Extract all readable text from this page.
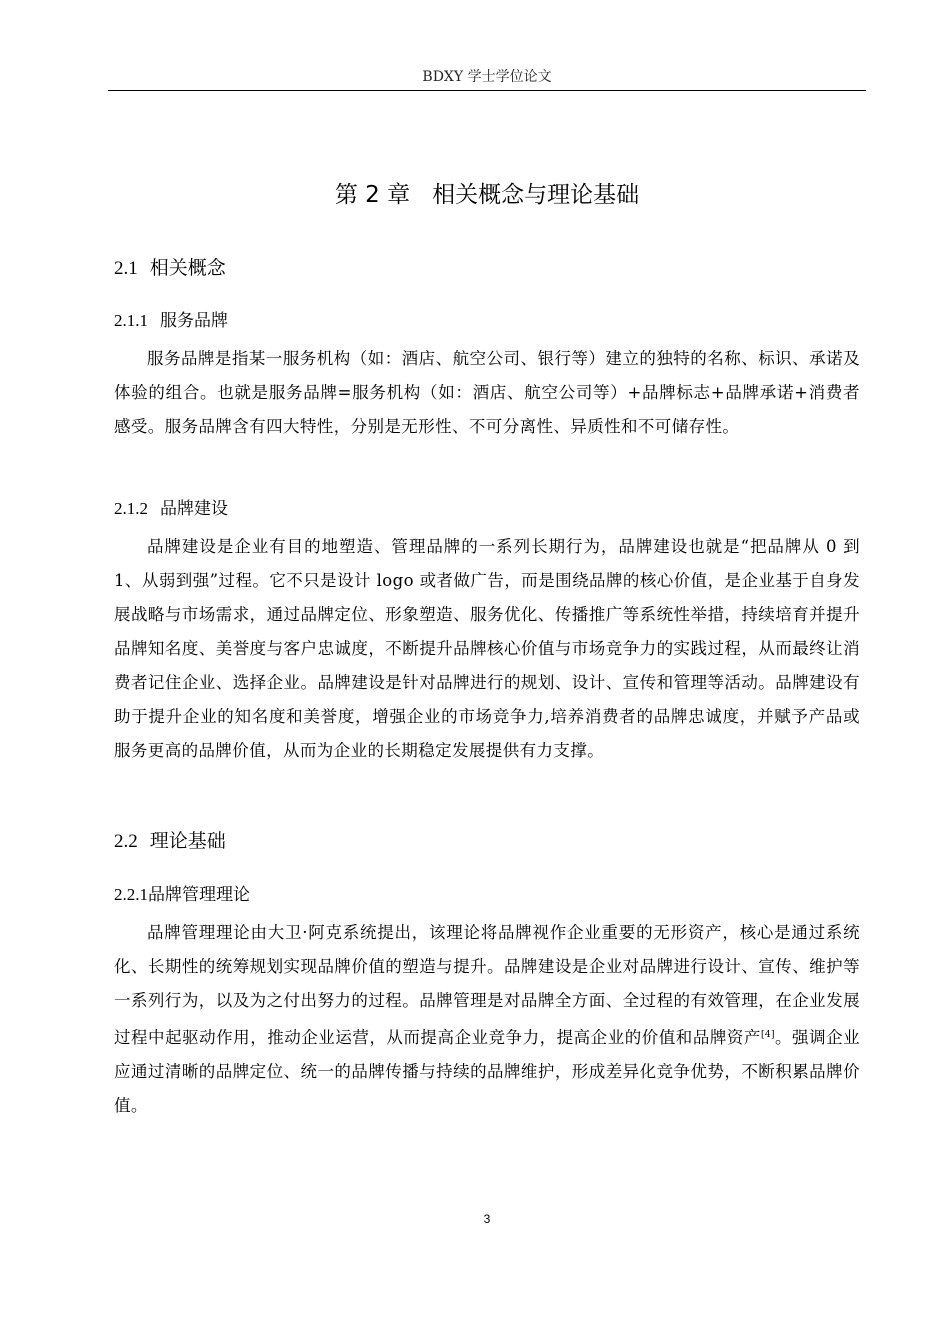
BDXY 学士学位论文
第 2 章 相关概念与理论基础
2.1 相关概念
2.1.1 服务品牌

服务品牌是指某一服务机构（如：酒店、航空公司、银行等）建立的独特的名称、标识、承诺及体验的组合。也就是服务品牌=服务机构（如：酒店、航空公司等）+品牌标志+品牌承诺+消费者感受。服务品牌含有四大特性，分别是无形性、不可分离性、异质性和不可储存性。

2.1.2 品牌建设

品牌建设是企业有目的地塑造、管理品牌的一系列长期行为，品牌建设也就是“把品牌从 0 到 1、从弱到强”过程。它不只是设计 logo 或者做广告，而是围绕品牌的核心价值，是企业基于自身发展战略与市场需求，通过品牌定位、形象塑造、服务优化、传播推广等系统性举措，持续培育并提升品牌知名度、美誉度与客户忠诚度，不断提升品牌核心价值与市场竞争力的实践过程，从而最终让消费者记住企业、选择企业。品牌建设是针对品牌进行的规划、设计、宣传和管理等活动。品牌建设有助于提升企业的知名度和美誉度，增强企业的市场竞争力,培养消费者的品牌忠诚度，并赋予产品或服务更高的品牌价值，从而为企业的长期稳定发展提供有力支撑。

2.2 理论基础
2.2.1品牌管理理论

品牌管理理论由大卫·阿克系统提出，该理论将品牌视作企业重要的无形资产，核心是通过系统化、长期性的统筹规划实现品牌价值的塑造与提升。品牌建设是企业对品牌进行设计、宣传、维护等一系列行为，以及为之付出努力的过程。品牌管理是对品牌全方面、全过程的有效管理，在企业发展过程中起驱动作用，推动企业运营，从而提高企业竞争力，提高企业的价值和品牌资产[4]。强调企业应通过清晰的品牌定位、统一的品牌传播与持续的品牌维护，形成差异化竞争优势，不断积累品牌价值。

3
